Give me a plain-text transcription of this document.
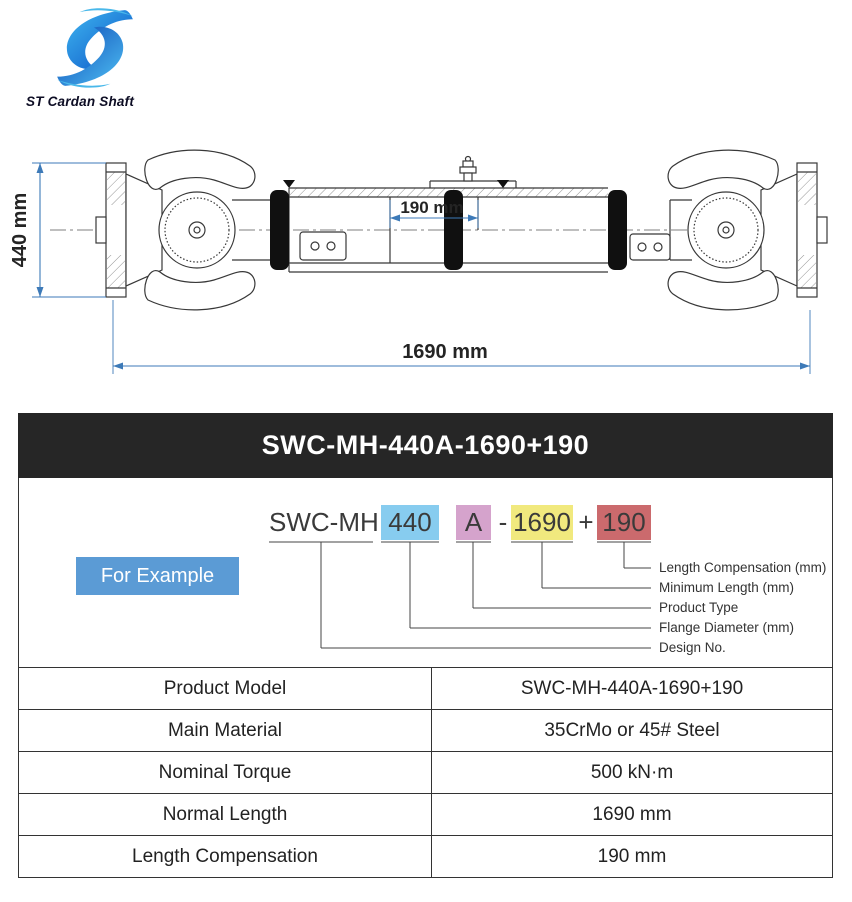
ST Cardan Shaft
440 mm	190 mm
1690 mm
SWC-MH-440A-1690+190
For Example
SWC-MH 440	A - 1690 + 190
Length Compensation (mm)
Minimum Length (mm)
Product Type
Flange Diameter (mm)
Design No.
Product Model	SWC-MH-440A-1690+190
Main Material	35CrMo or 45# Steel
Nominal Torque	500 kN·m
Normal Length	1690 mm
Length Compensation	190 mm
